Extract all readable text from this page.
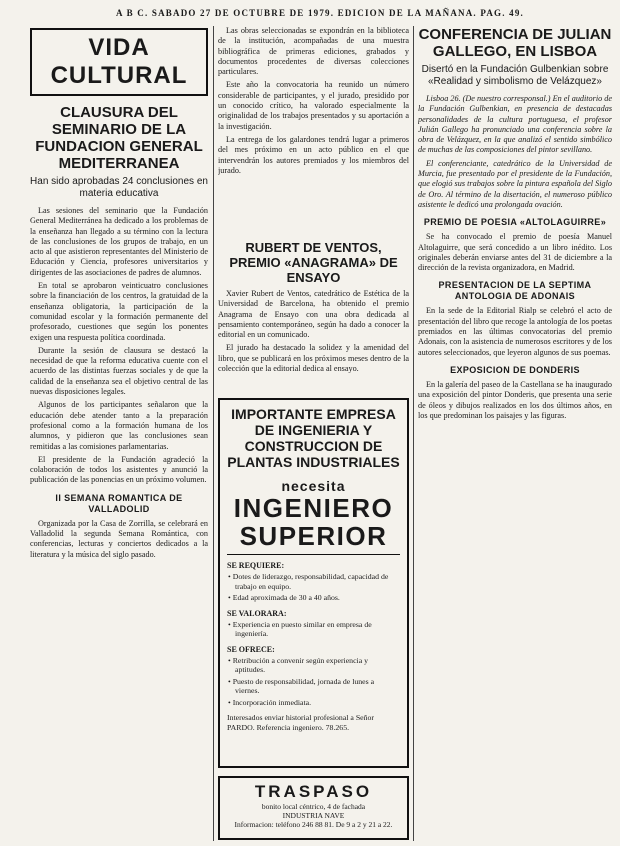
A B C. SABADO 27 DE OCTUBRE DE 1979. EDICION DE LA MAÑANA. PAG. 49.
VIDA CULTURAL
CLAUSURA DEL SEMINARIO DE LA FUNDACION GENERAL MEDITERRANEA
Han sido aprobadas 24 conclusiones en materia educativa

Las sesiones del seminario que la Fundación General Mediterránea ha dedicado a los problemas de la enseñanza han llegado a su término con la lectura de las conclusiones de los grupos de trabajo, en un acto al que asistieron representantes del Ministerio de Educación y Ciencia, profesores universitarios y dirigentes de las asociaciones de padres de alumnos.

En total se aprobaron veinticuatro conclusiones sobre la financiación de los centros, la gratuidad de la enseñanza obligatoria, la participación de la comunidad escolar y la formación permanente del profesorado, cuestiones que según los ponentes exigen una respuesta política coordinada.

Durante la sesión de clausura se destacó la necesidad de que la reforma educativa cuente con el acuerdo de las distintas fuerzas sociales y de que la calidad de la enseñanza sea el objetivo central de las nuevas disposiciones legales.

Algunos de los participantes señalaron que la educación debe atender tanto a la preparación profesional como a la formación humana de los alumnos, y pidieron que las conclusiones sean remitidas a las comisiones parlamentarias.

El presidente de la Fundación agradeció la colaboración de todos los asistentes y anunció la publicación de las ponencias en un próximo volumen.

II SEMANA ROMANTICA DE VALLADOLID

Organizada por la Casa de Zorrilla, se celebrará en Valladolid la segunda Semana Romántica, con conferencias, lecturas y conciertos dedicados a la literatura y la música del siglo pasado.

Las obras seleccionadas se expondrán en la biblioteca de la institución, acompañadas de una muestra bibliográfica de primeras ediciones, grabados y documentos procedentes de diversas colecciones particulares.

Este año la convocatoria ha reunido un número considerable de participantes, y el jurado, presidido por un conocido crítico, ha valorado especialmente la originalidad de los trabajos presentados y su aportación a la investigación.

La entrega de los galardones tendrá lugar a primeros del mes próximo en un acto público en el que intervendrán los autores premiados y los miembros del jurado.

RUBERT DE VENTOS, PREMIO «ANAGRAMA» DE ENSAYO

Xavier Rubert de Ventos, catedrático de Estética de la Universidad de Barcelona, ha obtenido el premio Anagrama de Ensayo con una obra dedicada al pensamiento contemporáneo, según ha dado a conocer la editorial en un comunicado.

El jurado ha destacado la solidez y la amenidad del libro, que se publicará en los próximos meses dentro de la colección que la editorial dedica al ensayo.

IMPORTANTE EMPRESA DE INGENIERIA Y CONSTRUCCION DE PLANTAS INDUSTRIALES
necesita
INGENIERO SUPERIOR
SE REQUIERE:
• Dotes de liderazgo, responsabilidad, capacidad de trabajo en equipo.
• Edad aproximada de 30 a 40 años.
SE VALORARA:
• Experiencia en puesto similar en empresa de ingeniería.
SE OFRECE:
• Retribución a convenir según experiencia y aptitudes.
• Puesto de responsabilidad, jornada de lunes a viernes.
• Incorporación inmediata.
Interesados enviar historial profesional a Señor PARDO. Referencia ingeniero. 78.265.
TRASPASO
bonito local céntrico, 4 de fachada
INDUSTRIA NAVE
Informacion: teléfono 246 88 81. De 9 a 2 y 21 a 22.
CONFERENCIA DE JULIAN GALLEGO, EN LISBOA
Disertó en la Fundación Gulbenkian sobre «Realidad y simbolismo de Velázquez»

Lisboa 26. (De nuestro corresponsal.) En el auditorio de la Fundación Gulbenkian, en presencia de destacadas personalidades de la cultura portuguesa, el profesor Julián Gallego ha pronunciado una conferencia sobre la obra de Velázquez, en la que analizó el sentido simbólico de muchas de las composiciones del pintor sevillano.

El conferenciante, catedrático de la Universidad de Murcia, fue presentado por el presidente de la Fundación, que elogió sus trabajos sobre la pintura española del Siglo de Oro. Al término de la disertación, el numeroso público asistente le dedicó una prolongada ovación.

PREMIO DE POESIA «ALTOLAGUIRRE»

Se ha convocado el premio de poesía Manuel Altolaguirre, que será concedido a un libro inédito. Los originales deberán enviarse antes del 31 de diciembre a la dirección de la revista organizadora, en Madrid.

PRESENTACION DE LA SEPTIMA ANTOLOGIA DE ADONAIS

En la sede de la Editorial Rialp se celebró el acto de presentación del libro que recoge la antología de los poetas premiados en las últimas convocatorias del premio Adonais, con la asistencia de numerosos escritores y de los autores seleccionados, que leyeron algunos de sus poemas.

EXPOSICION DE DONDERIS

En la galería del paseo de la Castellana se ha inaugurado una exposición del pintor Donderis, que presenta una serie de óleos y dibujos realizados en los dos últimos años, en los que predominan los paisajes y las figuras.
